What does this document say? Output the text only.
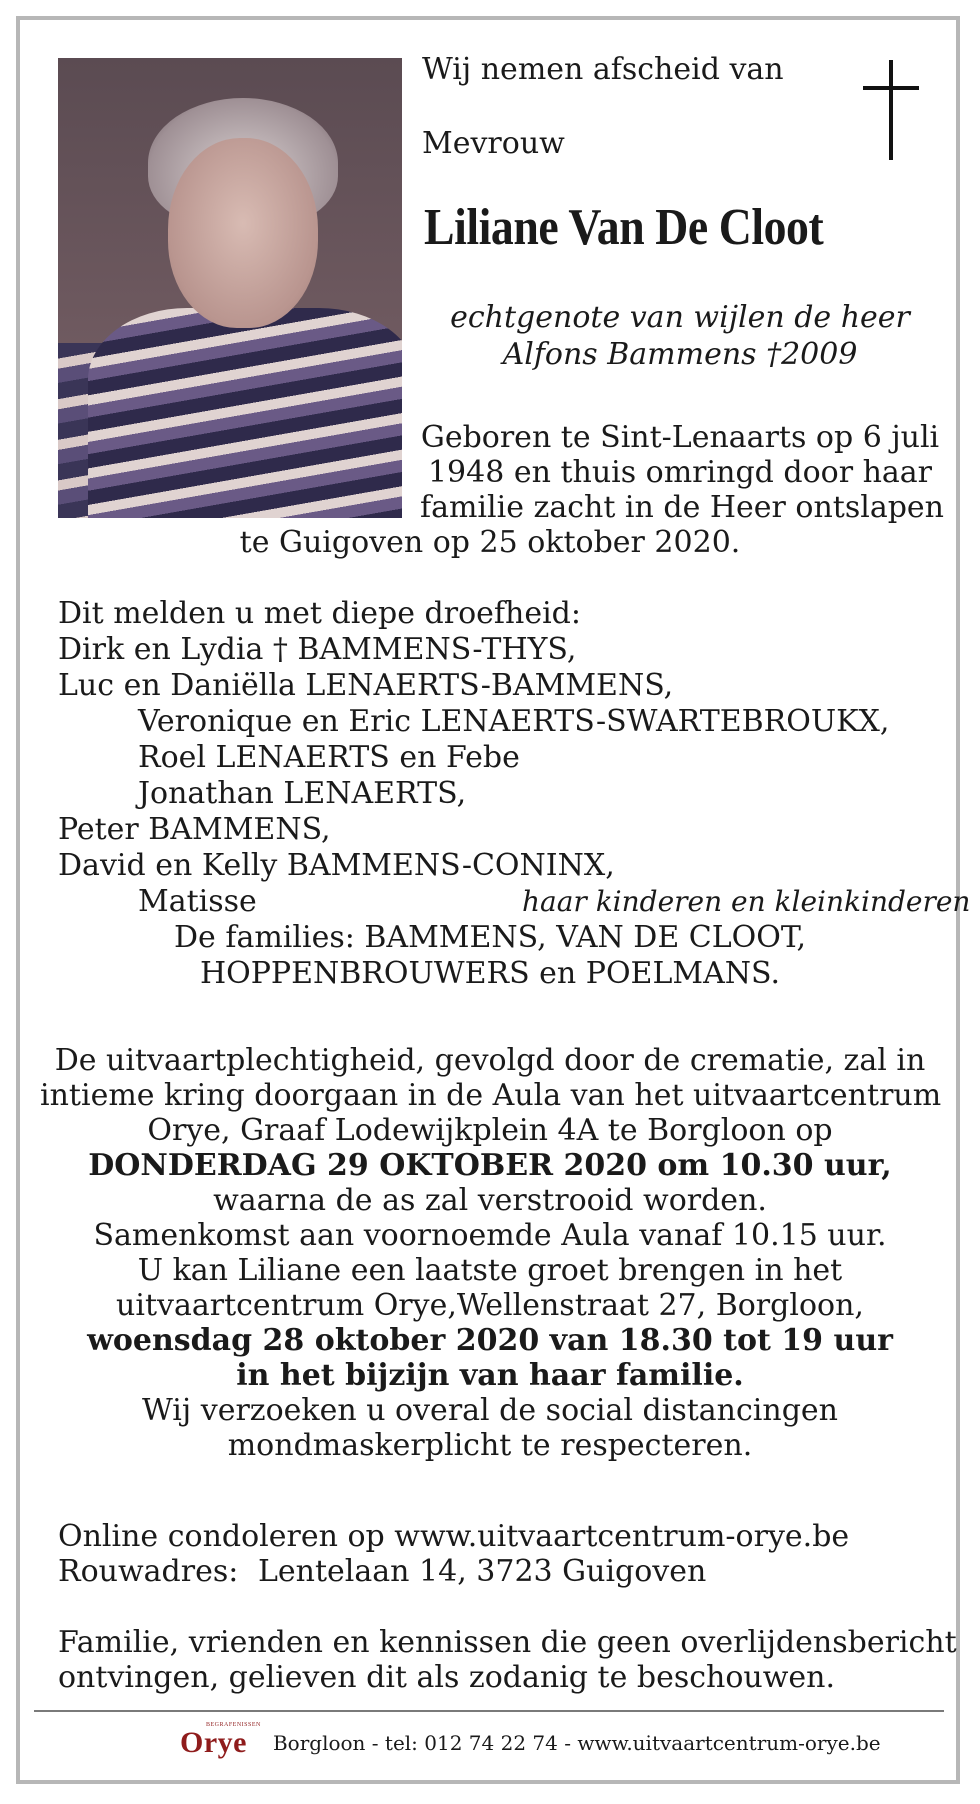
Wij nemen afscheid van
Mevrouw
Liliane Van De Cloot
echtgenote van wijlen de heer
Alfons Bammens †2009
Geboren te Sint-Lenaarts op 6 juli
1948 en thuis omringd door haar
familie zacht in de Heer ontslapen
te Guigoven op 25 oktober 2020.
Dit melden u met diepe droefheid:
Dirk en Lydia † BAMMENS-THYS,
Luc en Daniëlla LENAERTS-BAMMENS,
Veronique en Eric LENAERTS-SWARTEBROUKX,
Roel LENAERTS en Febe
Jonathan LENAERTS,
Peter BAMMENS,
David en Kelly BAMMENS-CONINX,
Matisse	haar kinderen en kleinkinderen
De families: BAMMENS, VAN DE CLOOT,
HOPPENBROUWERS en POELMANS.
De uitvaartplechtigheid, gevolgd door de crematie, zal in
intieme kring doorgaan in de Aula van het uitvaartcentrum
Orye, Graaf Lodewijkplein 4A te Borgloon op
DONDERDAG 29 OKTOBER 2020 om 10.30 uur,
waarna de as zal verstrooid worden.
Samenkomst aan voornoemde Aula vanaf 10.15 uur.
U kan Liliane een laatste groet brengen in het
uitvaartcentrum Orye,Wellenstraat 27, Borgloon,
woensdag 28 oktober 2020 van 18.30 tot 19 uur
in het bijzijn van haar familie.
Wij verzoeken u overal de social distancingen
mondmaskerplicht te respecteren.
Online condoleren op www.uitvaartcentrum-orye.be
Rouwadres: Lentelaan 14, 3723 Guigoven
Familie, vrienden en kennissen die geen overlijdensbericht
ontvingen, gelieven dit als zodanig te beschouwen.
BEGRAFENISSEN
Orye Borgloon - tel: 012 74 22 74 - www.uitvaartcentrum-orye.be
